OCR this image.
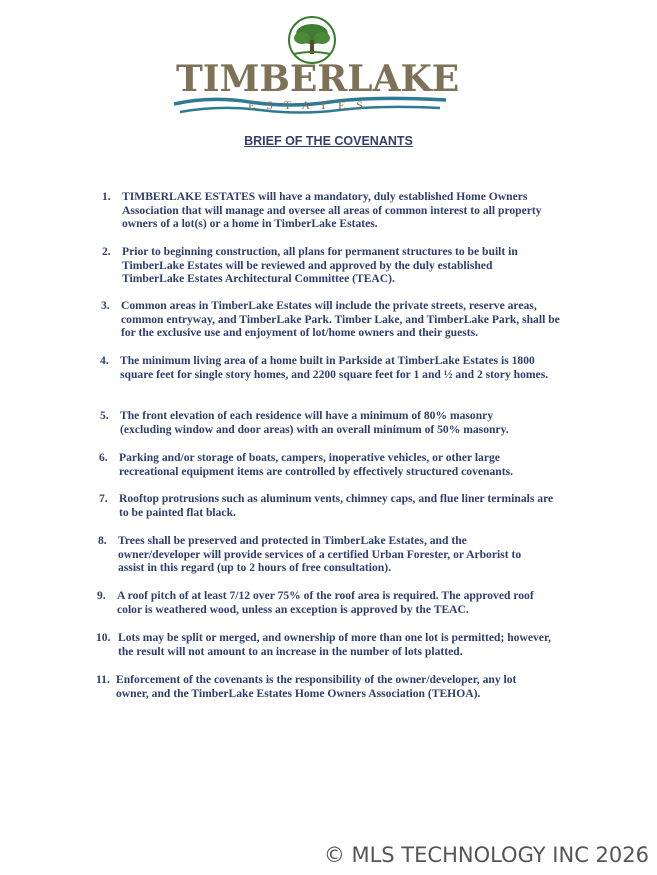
TIMBERLAKE
ESTATES
BRIEF OF THE COVENANTS
1. TIMBERLAKE ESTATES will have a mandatory, duly established Home Owners Association that will manage and oversee all areas of common interest to all property owners of a lot(s) or a home in TimberLake Estates.
2. Prior to beginning construction, all plans for permanent structures to be built in TimberLake Estates will be reviewed and approved by the duly established TimberLake Estates Architectural Committee (TEAC).
3. Common areas in TimberLake Estates will include the private streets, reserve areas, common entryway, and TimberLake Park. Timber Lake, and TimberLake Park, shall be for the exclusive use and enjoyment of lot/home owners and their guests.
4. The minimum living area of a home built in Parkside at TimberLake Estates is 1800 square feet for single story homes, and 2200 square feet for 1 and ½ and 2 story homes.
5. The front elevation of each residence will have a minimum of 80% masonry (excluding window and door areas) with an overall minimum of 50% masonry.
6. Parking and/or storage of boats, campers, inoperative vehicles, or other large recreational equipment items are controlled by effectively structured covenants.
7. Rooftop protrusions such as aluminum vents, chimney caps, and flue liner terminals are to be painted flat black.
8. Trees shall be preserved and protected in TimberLake Estates, and the owner/developer will provide services of a certified Urban Forester, or Arborist to assist in this regard (up to 2 hours of free consultation).
9. A roof pitch of at least 7/12 over 75% of the roof area is required. The approved roof color is weathered wood, unless an exception is approved by the TEAC.
10. Lots may be split or merged, and ownership of more than one lot is permitted; however, the result will not amount to an increase in the number of lots platted.
11. Enforcement of the covenants is the responsibility of the owner/developer, any lot owner, and the TimberLake Estates Home Owners Association (TEHOA).
© MLS TECHNOLOGY INC 2026
